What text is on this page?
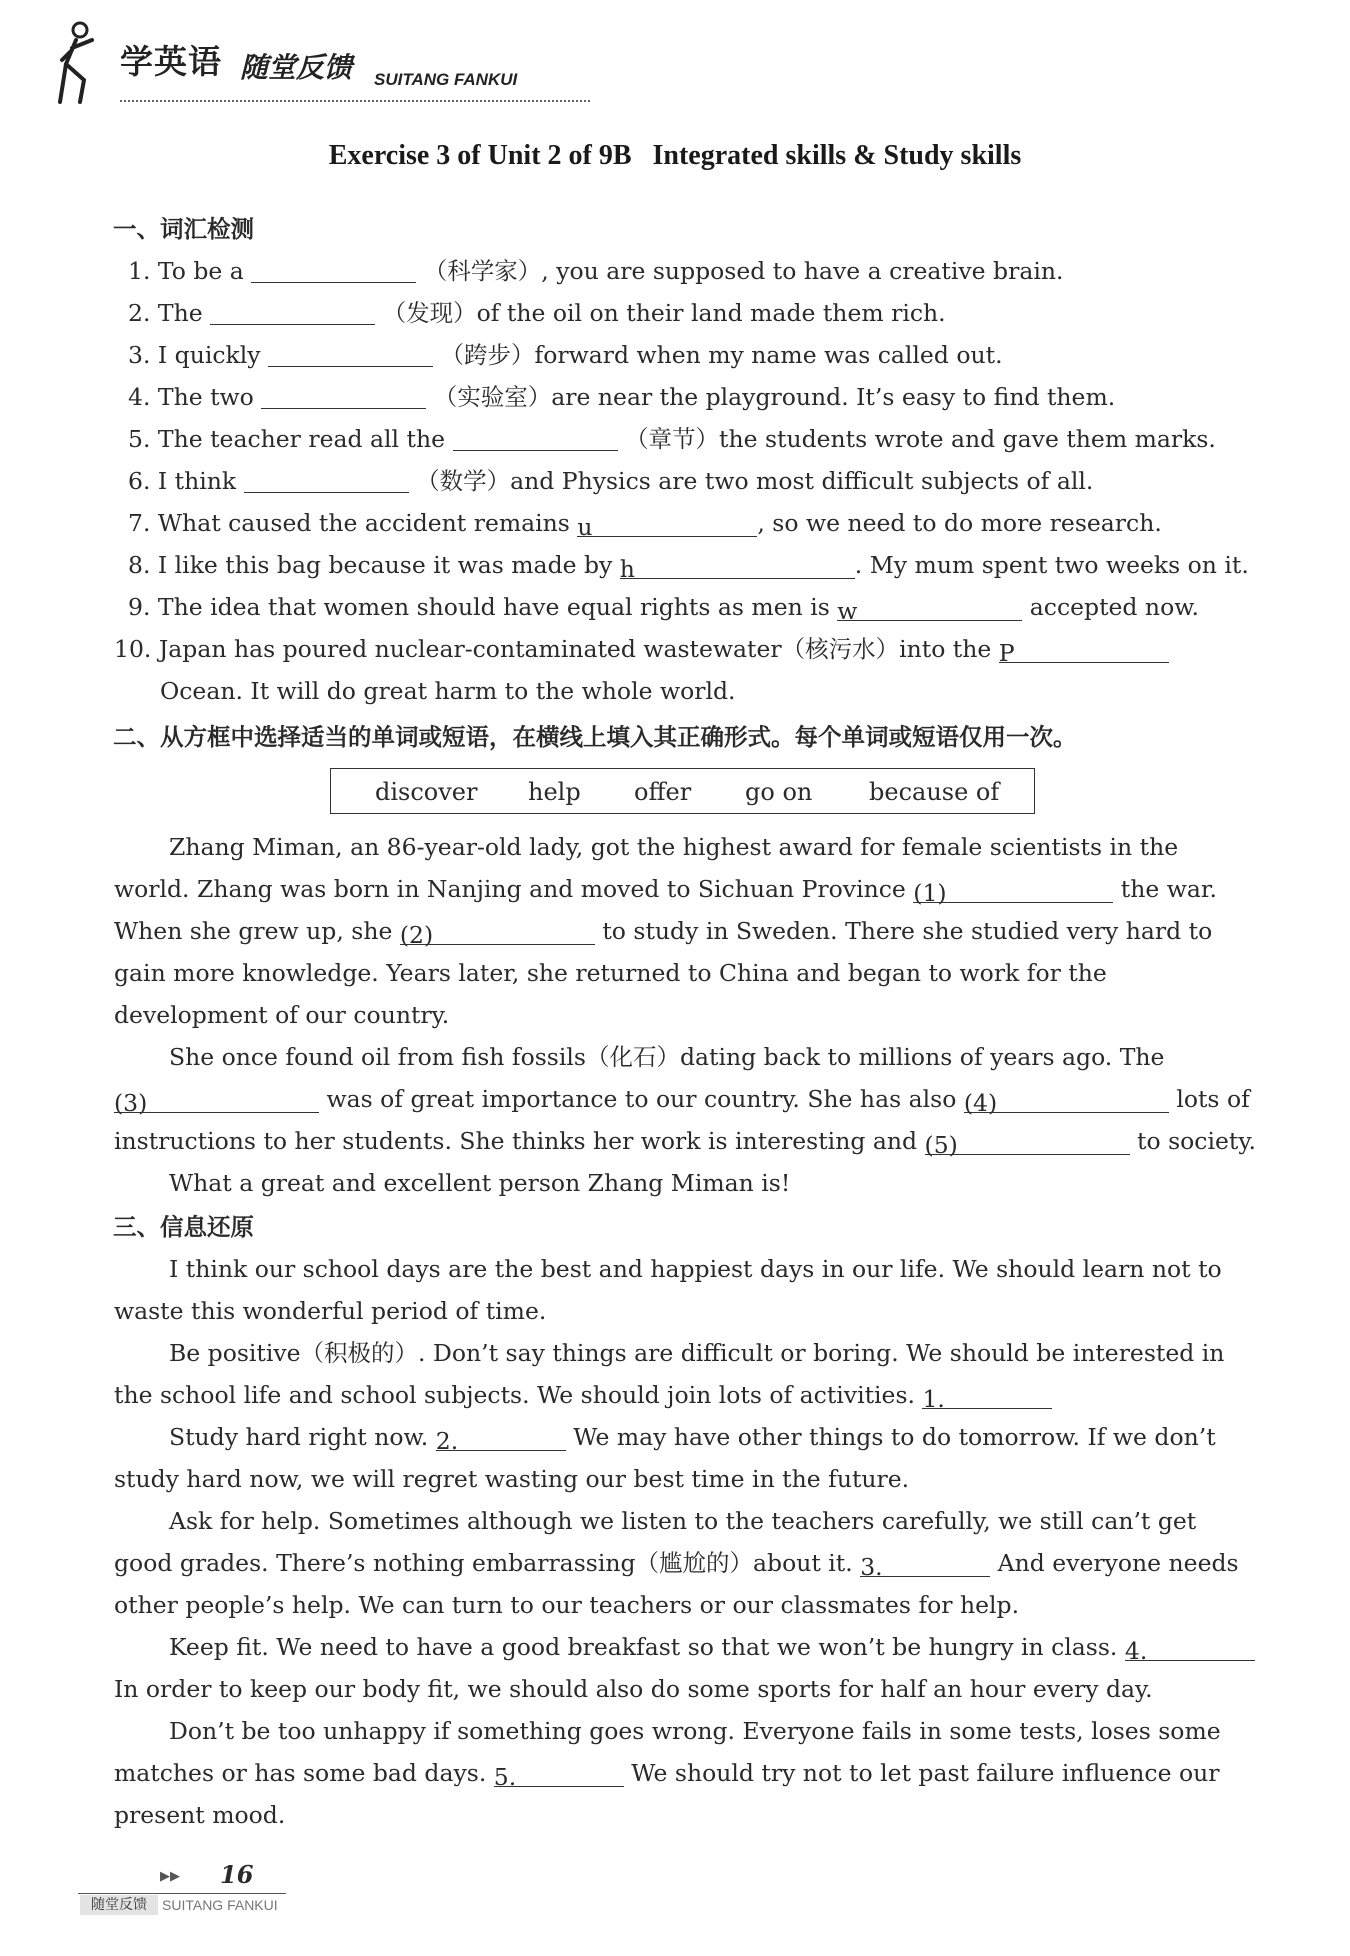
学英语 随堂反馈 SUITANG FANKUI
Exercise 3 of Unit 2 of 9B   Integrated skills & Study skills
一、词汇检测
1. To be a	（科学家）, you are supposed to have a creative brain.
2. The	（发现）of the oil on their land made them rich.
3. I quickly	（跨步）forward when my name was called out.
4. The two	（实验室）are near the playground. It’s easy to find them.
5. The teacher read all the	（章节）the students wrote and gave them marks.
6. I think	（数学）and Physics are two most difficult subjects of all.
7. What caused the accident remains u	, so we need to do more research.
8. I like this bag because it was made by h	. My mum spent two weeks on it.
9. The idea that women should have equal rights as men is w	accepted now.
10. Japan has poured nuclear-contaminated wastewater（核污水）into the P
Ocean. It will do great harm to the whole world.
二、从方框中选择适当的单词或短语，在横线上填入其正确形式。每个单词或短语仅用一次。
discover help offer go on because of
Zhang Miman, an 86-year-old lady, got the highest award for female scientists in the
world. Zhang was born in Nanjing and moved to Sichuan Province (1)	the war.
When she grew up, she (2)	to study in Sweden. There she studied very hard to
gain more knowledge. Years later, she returned to China and began to work for the
development of our country.
She once found oil from fish fossils（化石）dating back to millions of years ago. The
(3)	was of great importance to our country. She has also (4)	lots of
instructions to her students. She thinks her work is interesting and (5)	to society.
What a great and excellent person Zhang Miman is!
三、信息还原
I think our school days are the best and happiest days in our life. We should learn not to
waste this wonderful period of time.
Be positive（积极的）. Don’t say things are difficult or boring. We should be interested in
the school life and school subjects. We should join lots of activities. 1.
Study hard right now. 2.	We may have other things to do tomorrow. If we don’t
study hard now, we will regret wasting our best time in the future.
Ask for help. Sometimes although we listen to the teachers carefully, we still can’t get
good grades. There’s nothing embarrassing（尴尬的）about it. 3.	And everyone needs
other people’s help. We can turn to our teachers or our classmates for help.
Keep fit. We need to have a good breakfast so that we won’t be hungry in class. 4.
In order to keep our body fit, we should also do some sports for half an hour every day.
Don’t be too unhappy if something goes wrong. Everyone fails in some tests, loses some
matches or has some bad days. 5.	We should try not to let past failure influence our
present mood.
▶▶ 16
随堂反馈	SUITANG FANKUI
